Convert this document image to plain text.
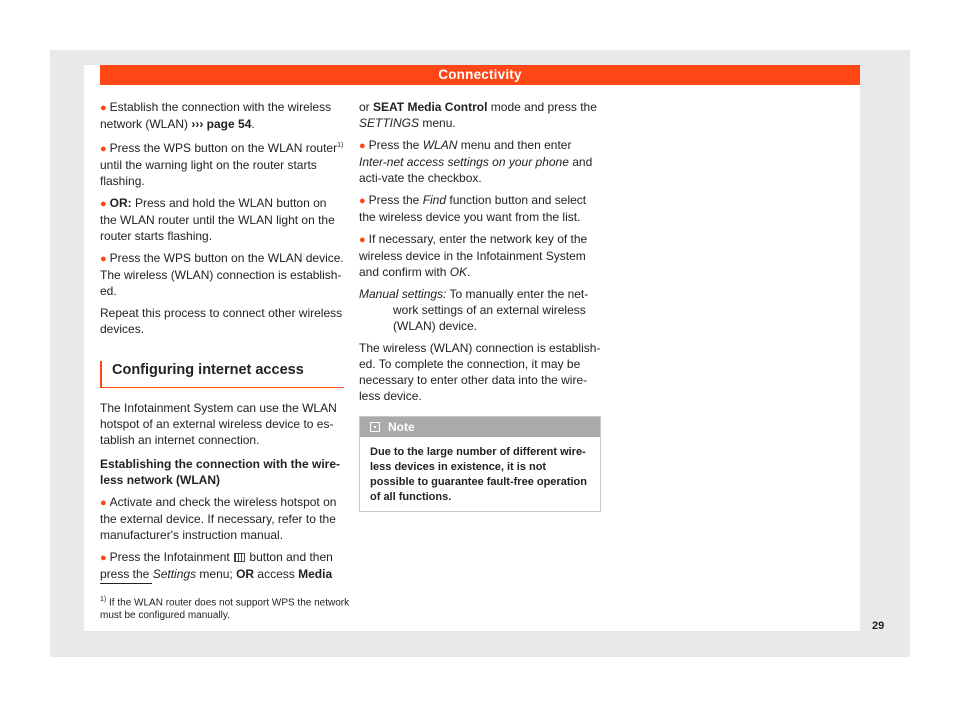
Connectivity

● Establish the connection with the wireless network (WLAN) ››› page 54.

● Press the WPS button on the WLAN router$^{1)}$ until the warning light on the router starts flashing.

● OR: Press and hold the WLAN button on the WLAN router until the WLAN light on the router starts flashing.

● Press the WPS button on the WLAN device. The wireless (WLAN) connection is establish-ed.

Repeat this process to connect other wireless devices.

Configuring internet access

The Infotainment System can use the WLAN hotspot of an external wireless device to es-tablish an internet connection.

Establishing the connection with the wire-less network (WLAN)

● Activate and check the wireless hotspot on the external device. If necessary, refer to the manufacturer's instruction manual.

● Press the Infotainment  button and then press the Settings menu; OR access Media

or SEAT Media Control mode and press the SETTINGS menu.

● Press the WLAN menu and then enter Inter-net access settings on your phone and acti-vate the checkbox.

● Press the Find function button and select the wireless device you want from the list.

● If necessary, enter the network key of the wireless device in the Infotainment System and confirm with OK.

Manual settings: To manually enter the net-work settings of an external wireless (WLAN) device.

The wireless (WLAN) connection is establish-ed. To complete the connection, it may be necessary to enter other data into the wire-less device.

Note
Due to the large number of different wire-less devices in existence, it is not possible to guarantee fault-free operation of all functions.
$^{1)}$ If the WLAN router does not support WPS the network must be configured manually.
29
